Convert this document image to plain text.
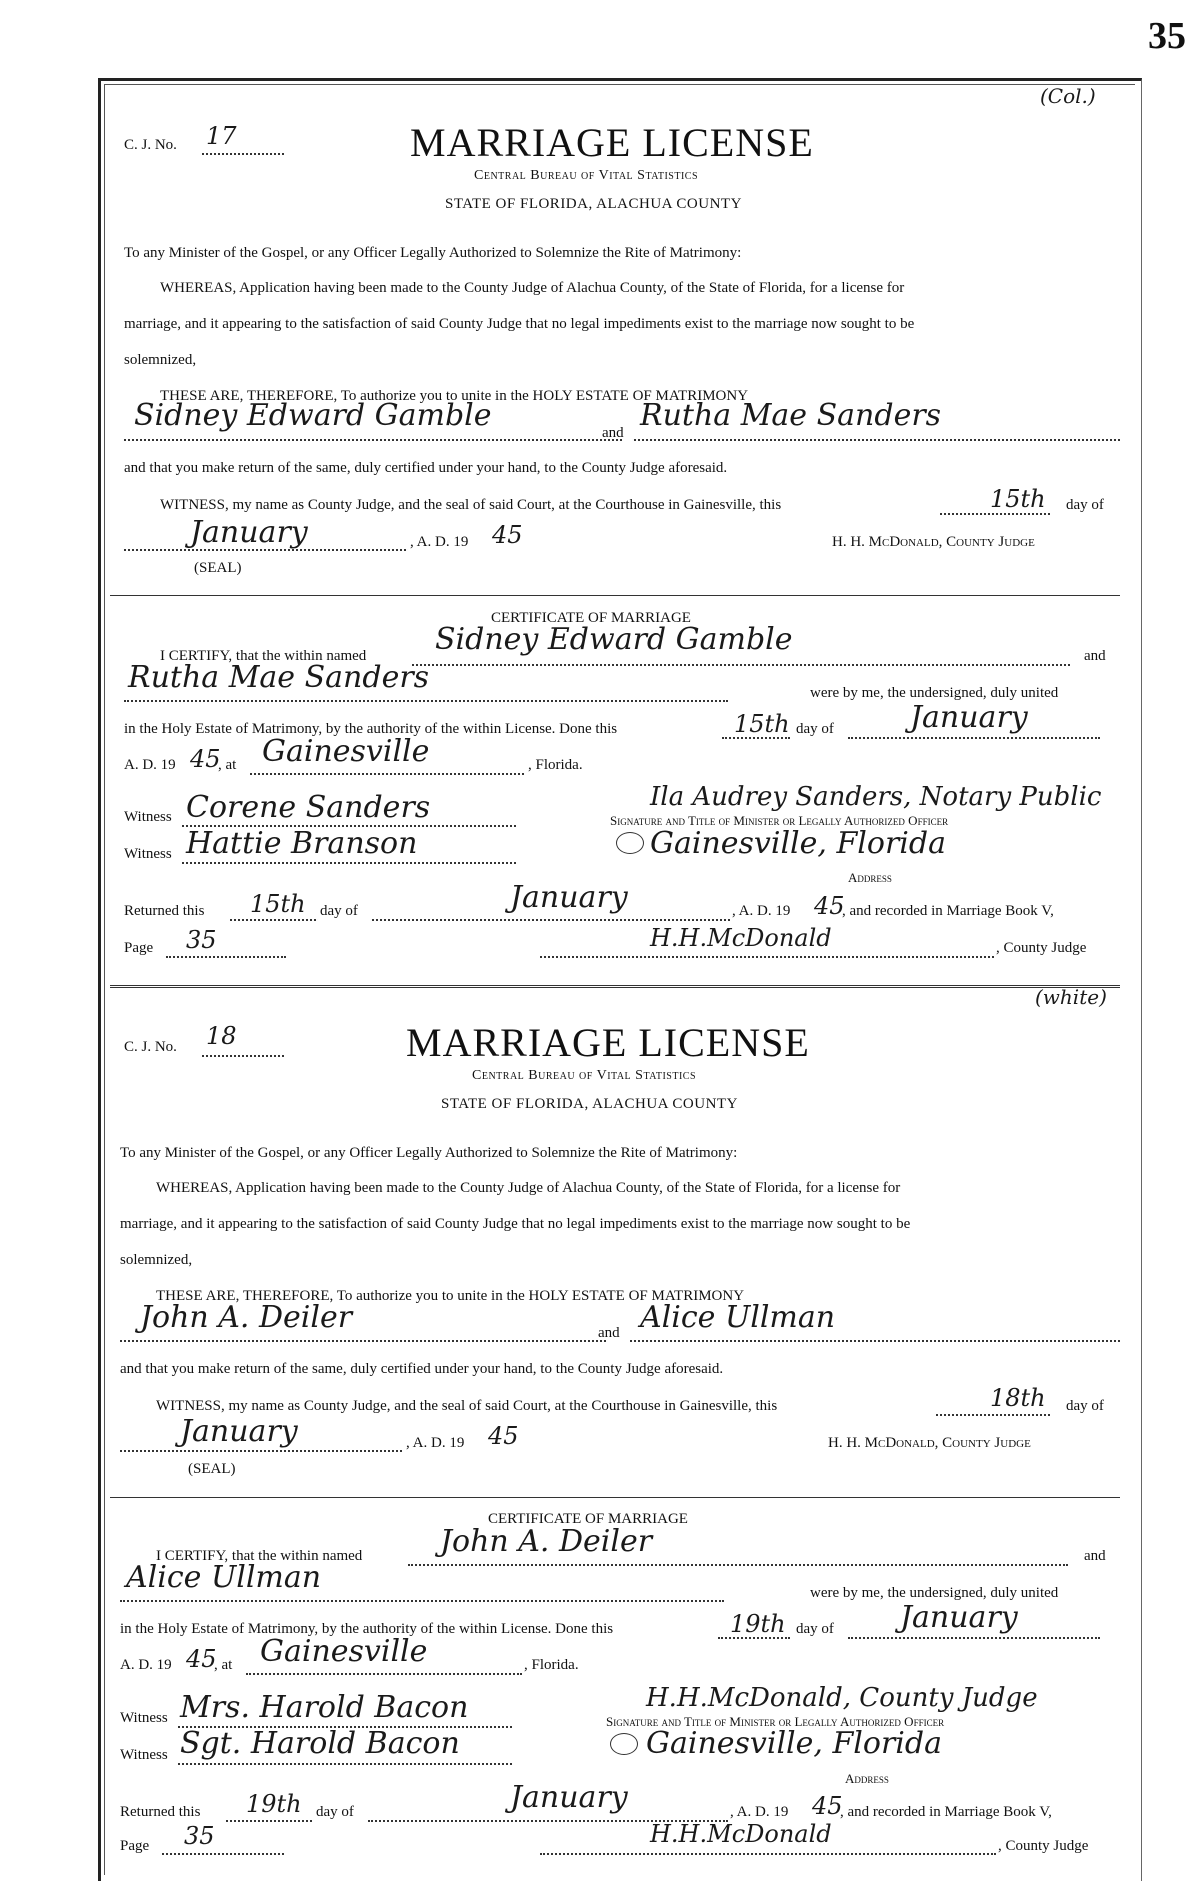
35
(Col.)
C. J. No. 17	MARRIAGE LICENSE
Central Bureau of Vital Statistics
STATE OF FLORIDA, ALACHUA COUNTY
To any Minister of the Gospel, or any Officer Legally Authorized to Solemnize the Rite of Matrimony:
WHEREAS, Application having been made to the County Judge of Alachua County, of the State of Florida, for a license for
marriage, and it appearing to the satisfaction of said County Judge that no legal impediments exist to the marriage now sought to be
solemnized,
THESE ARE, THEREFORE, To authorize you to unite in the HOLY ESTATE OF MATRIMONY
Sidney Edward Gamble	and Rutha Mae Sanders
and that you make return of the same, duly certified under your hand, to the County Judge aforesaid.
WITNESS, my name as County Judge, and the seal of said Court, at the Courthouse in Gainesville, this	15th day of
January	, A. D. 19 45	H. H. McDonald, County Judge
(SEAL)
CERTIFICATE OF MARRIAGE
I CERTIFY, that the within named Sidney Edward Gamble	and
Rutha Mae Sanders	were by me, the undersigned, duly united
in the Holy Estate of Matrimony, by the authority of the within License. Done this	15th day of	January
A. D. 19 45
, at Gainesville	, Florida.
Ila Audrey Sanders, Notary Public
Witness Corene Sanders	Signature and Title of Minister or Legally Authorized Officer
Witness Hattie Branson	Gainesville, Florida
Address
Returned this 15th day of	January	, A. D. 19 45
, and recorded in Marriage Book V,
Page 35	H.H.McDonald	, County Judge
(white)
C. J. No. 18	MARRIAGE LICENSE
Central Bureau of Vital Statistics
STATE OF FLORIDA, ALACHUA COUNTY
To any Minister of the Gospel, or any Officer Legally Authorized to Solemnize the Rite of Matrimony:
WHEREAS, Application having been made to the County Judge of Alachua County, of the State of Florida, for a license for
marriage, and it appearing to the satisfaction of said County Judge that no legal impediments exist to the marriage now sought to be
solemnized,
THESE ARE, THEREFORE, To authorize you to unite in the HOLY ESTATE OF MATRIMONY
John A. Deiler	and Alice Ullman
and that you make return of the same, duly certified under your hand, to the County Judge aforesaid.
WITNESS, my name as County Judge, and the seal of said Court, at the Courthouse in Gainesville, this	18th day of
January	, A. D. 19 45	H. H. McDonald, County Judge
(SEAL)
CERTIFICATE OF MARRIAGE
I CERTIFY, that the within named	John A. Deiler	and
Alice Ullman	were by me, the undersigned, duly united
in the Holy Estate of Matrimony, by the authority of the within License. Done this	19th day of January
A. D. 19 45
, at Gainesville	, Florida.
H.H.McDonald, County Judge
Witness Mrs. Harold Bacon	Signature and Title of Minister or Legally Authorized Officer
Witness Sgt. Harold Bacon	Gainesville, Florida
Address
Returned this 19th day of	January	, A. D. 19 45
, and recorded in Marriage Book V,
Page 35	H.H.McDonald	, County Judge
